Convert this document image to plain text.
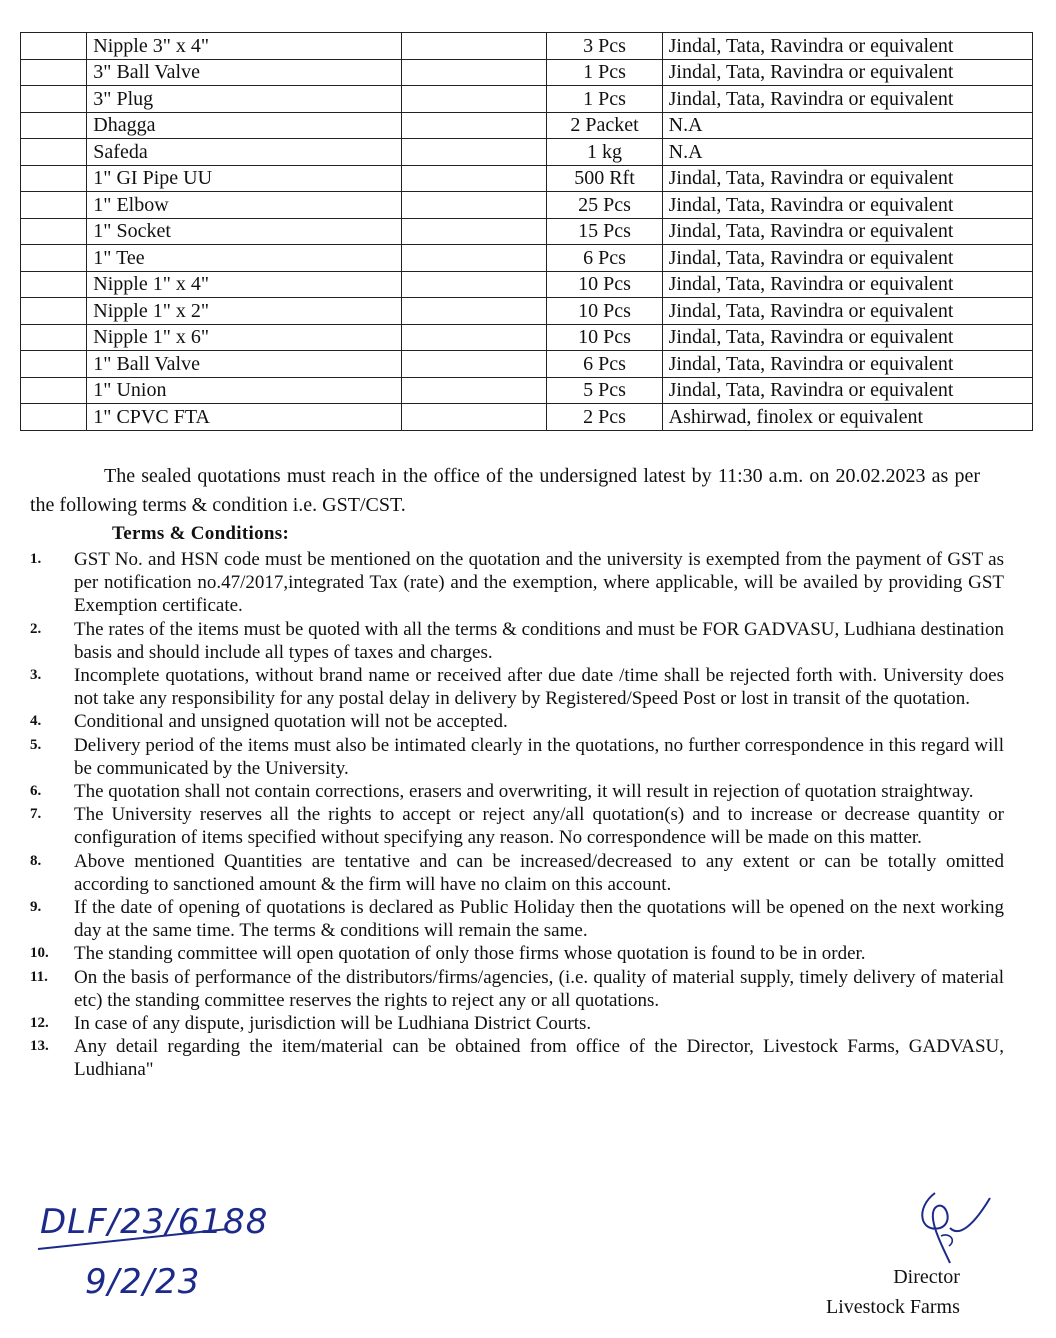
	Nipple 3" x 4"		3 Pcs	Jindal, Tata, Ravindra or equivalent
	3" Ball Valve		1 Pcs	Jindal, Tata, Ravindra or equivalent
	3" Plug		1 Pcs	Jindal, Tata, Ravindra or equivalent
	Dhagga		2 Packet	N.A
	Safeda		1 kg	N.A
	1" GI Pipe UU		500 Rft	Jindal, Tata, Ravindra or equivalent
	1" Elbow		25 Pcs	Jindal, Tata, Ravindra or equivalent
	1" Socket		15 Pcs	Jindal, Tata, Ravindra or equivalent
	1" Tee		6 Pcs	Jindal, Tata, Ravindra or equivalent
	Nipple 1" x 4"		10 Pcs	Jindal, Tata, Ravindra or equivalent
	Nipple 1" x 2"		10 Pcs	Jindal, Tata, Ravindra or equivalent
	Nipple 1" x 6"		10 Pcs	Jindal, Tata, Ravindra or equivalent
	1" Ball Valve		6 Pcs	Jindal, Tata, Ravindra or equivalent
	1" Union		5 Pcs	Jindal, Tata, Ravindra or equivalent
	1" CPVC FTA		2 Pcs	Ashirwad, finolex or equivalent
The sealed quotations must reach in the office of the undersigned latest by 11:30 a.m. on 20.02.2023 as per the following terms & condition i.e. GST/CST.
Terms & Conditions:
1.	GST No. and HSN code must be mentioned on the quotation and the university is exempted from the payment of GST as per notification no.47/2017,integrated Tax (rate) and the exemption, where applicable, will be availed by providing GST Exemption certificate.
2.	The rates of the items must be quoted with all the terms & conditions and must be FOR GADVASU, Ludhiana destination basis and should include all types of taxes and charges.
3.	Incomplete quotations, without brand name or received after due date /time shall be rejected forth with. University does not take any responsibility for any postal delay in delivery by Registered/Speed Post or lost in transit of the quotation.
4.	Conditional and unsigned quotation will not be accepted.
5.	Delivery period of the items must also be intimated clearly in the quotations, no further correspondence in this regard will be communicated by the University.
6.	The quotation shall not contain corrections, erasers and overwriting, it will result in rejection of quotation straightway.
7.	The University reserves all the rights to accept or reject any/all quotation(s) and to increase or decrease quantity or configuration of items specified without specifying any reason. No correspondence will be made on this matter.
8.	Above mentioned Quantities are tentative and can be increased/decreased to any extent or can be totally omitted according to sanctioned amount & the firm will have no claim on this account.
9.	If the date of opening of quotations is declared as Public Holiday then the quotations will be opened on the next working day at the same time. The terms & conditions will remain the same.
10.	The standing committee will open quotation of only those firms whose quotation is found to be in order.
11.	On the basis of performance of the distributors/firms/agencies, (i.e. quality of material supply, timely delivery of material etc) the standing committee reserves the rights to reject any or all quotations.
12.	In case of any dispute, jurisdiction will be Ludhiana District Courts.
13.	Any detail regarding the item/material can be obtained from office of the Director, Livestock Farms, GADVASU, Ludhiana"
DLF/23/6188
9/2/23	Director
Livestock Farms
